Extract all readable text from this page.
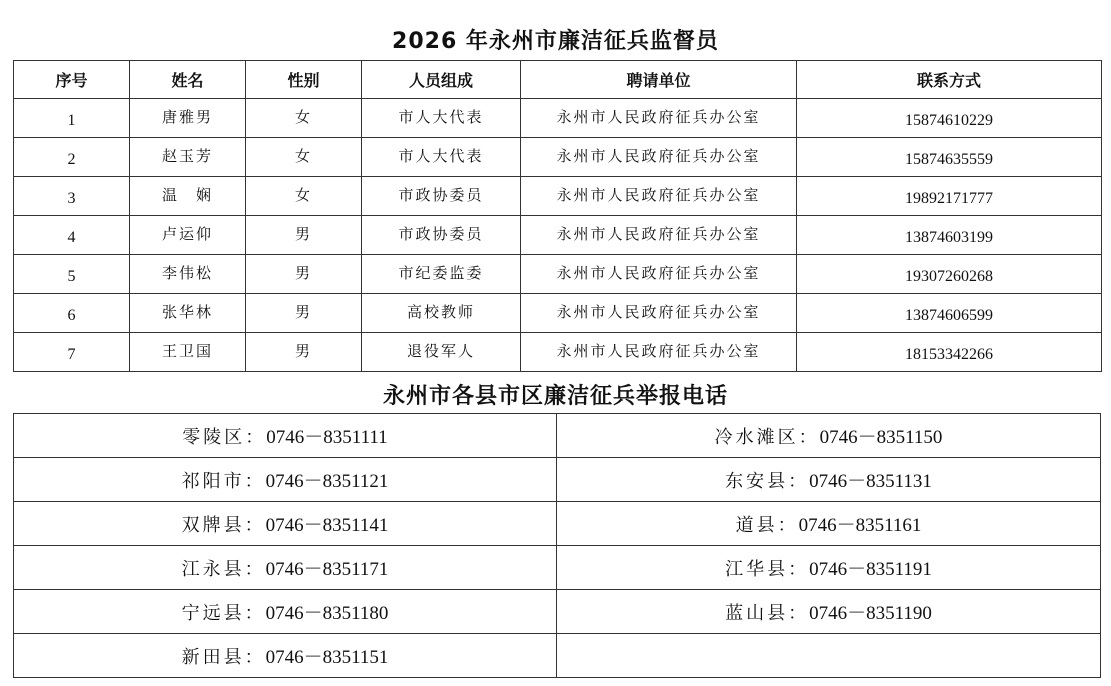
2026 年永州市廉洁征兵监督员
序号	姓名	性别	人员组成	聘请单位	联系方式
1	唐雅男	女	市人大代表	永州市人民政府征兵办公室	15874610229
2	赵玉芳	女	市人大代表	永州市人民政府征兵办公室	15874635559
3	温　娴	女	市政协委员	永州市人民政府征兵办公室	19892171777
4	卢运仰	男	市政协委员	永州市人民政府征兵办公室	13874603199
5	李伟松	男	市纪委监委	永州市人民政府征兵办公室	19307260268
6	张华林	男	高校教师	永州市人民政府征兵办公室	13874606599
7	王卫国	男	退役军人	永州市人民政府征兵办公室	18153342266
永州市各县市区廉洁征兵举报电话
零陵区：0746－8351111	冷水滩区：0746－8351150
祁阳市：0746－8351121	东安县：0746－8351131
双牌县：0746－8351141	道县：0746－8351161
江永县：0746－8351171	江华县：0746－8351191
宁远县：0746－8351180	蓝山县：0746－8351190
新田县：0746－8351151	
